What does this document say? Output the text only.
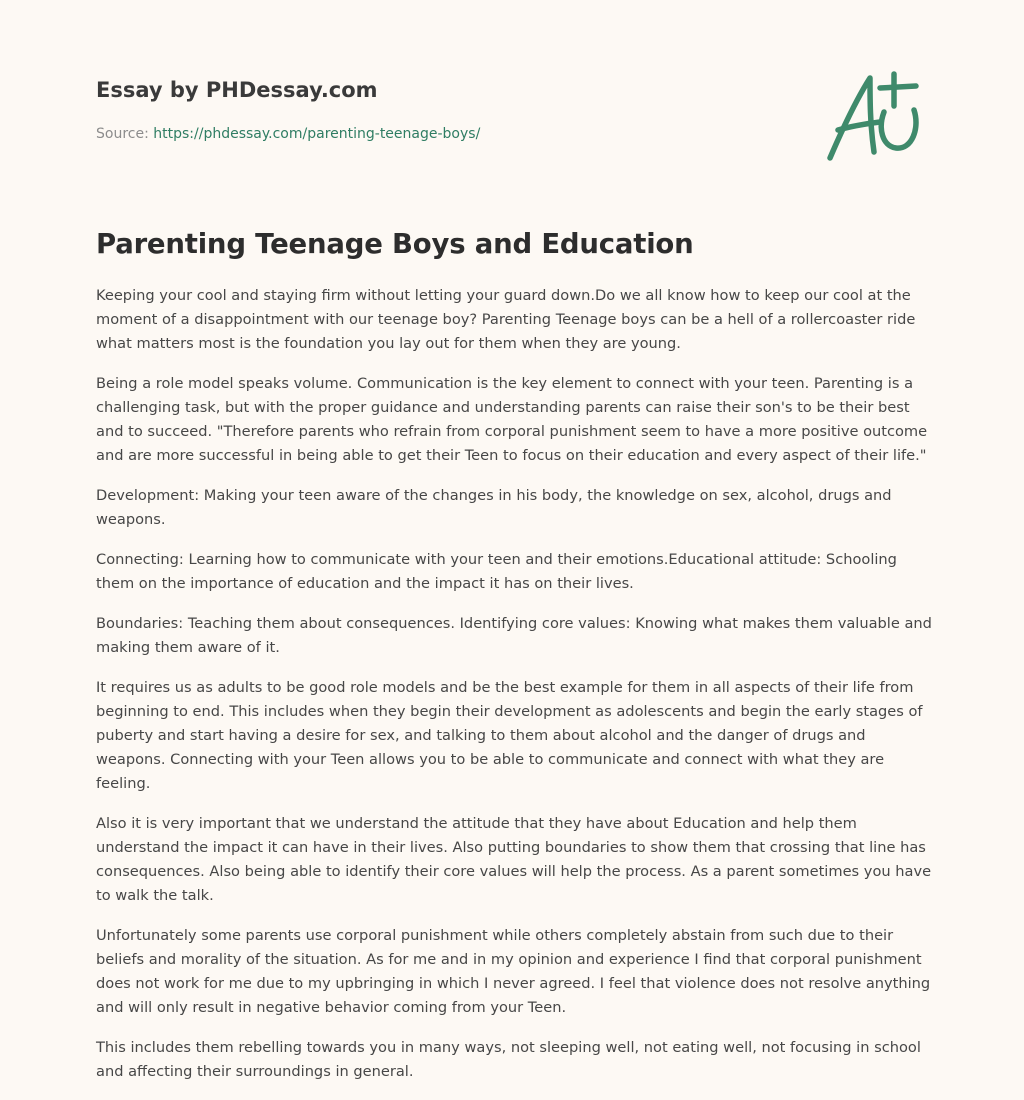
Essay by PHDessay.com
Source: https://phdessay.com/parenting-teenage-boys/
Parenting Teenage Boys and Education

Keeping your cool and staying firm without letting your guard down.Do we all know how to keep our cool at the moment of a disappointment with our teenage boy? Parenting Teenage boys can be a hell of a rollercoaster ride what matters most is the foundation you lay out for them when they are young.

Being a role model speaks volume. Communication is the key element to connect with your teen. Parenting is a challenging task, but with the proper guidance and understanding parents can raise their son's to be their best and to succeed. "Therefore parents who refrain from corporal punishment seem to have a more positive outcome and are more successful in being able to get their Teen to focus on their education and every aspect of their life."

Development: Making your teen aware of the changes in his body, the knowledge on sex, alcohol, drugs and weapons.

Connecting: Learning how to communicate with your teen and their emotions.Educational attitude: Schooling them on the importance of education and the impact it has on their lives.

Boundaries: Teaching them about consequences. Identifying core values: Knowing what makes them valuable and making them aware of it.

It requires us as adults to be good role models and be the best example for them in all aspects of their life from beginning to end. This includes when they begin their development as adolescents and begin the early stages of puberty and start having a desire for sex, and talking to them about alcohol and the danger of drugs and weapons. Connecting with your Teen allows you to be able to communicate and connect with what they are feeling.

Also it is very important that we understand the attitude that they have about Education and help them understand the impact it can have in their lives. Also putting boundaries to show them that crossing that line has consequences. Also being able to identify their core values will help the process. As a parent sometimes you have to walk the talk.

Unfortunately some parents use corporal punishment while others completely abstain from such due to their beliefs and morality of the situation. As for me and in my opinion and experience I find that corporal punishment does not work for me due to my upbringing in which I never agreed. I feel that violence does not resolve anything and will only result in negative behavior coming from your Teen.

This includes them rebelling towards you in many ways, not sleeping well, not eating well, not focusing in school and affecting their surroundings in general.
